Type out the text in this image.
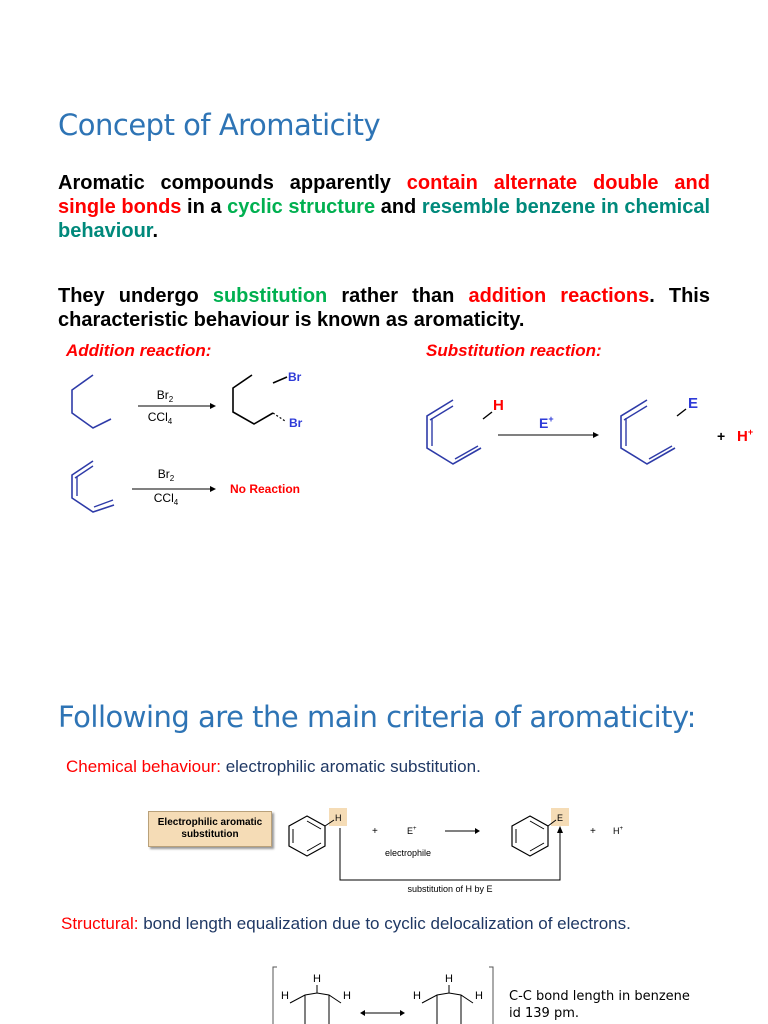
Concept of Aromaticity
Aromatic compounds apparently contain alternate double and single bonds in a cyclic structure and resemble benzene in chemical behaviour.
They undergo substitution rather than addition reactions. This characteristic behaviour is known as aromaticity.
Addition reaction:	Substitution reaction:
$Br_2$
CCl$_4$
Br
Br
$Br_2$
CCl$_4$
No Reaction
H
E+
E
+ H+
Following are the main criteria of aromaticity:
Chemical behaviour: electrophilic aromatic substitution.
Electrophilic aromatic substitution
H
+	E+
electrophile
E
+ H+
substitution of H by E
Structural: bond length equalization due to cyclic delocalization of electrons.
H
H	H
H
H	H C-C bond length in benzene
id 139 pm.
